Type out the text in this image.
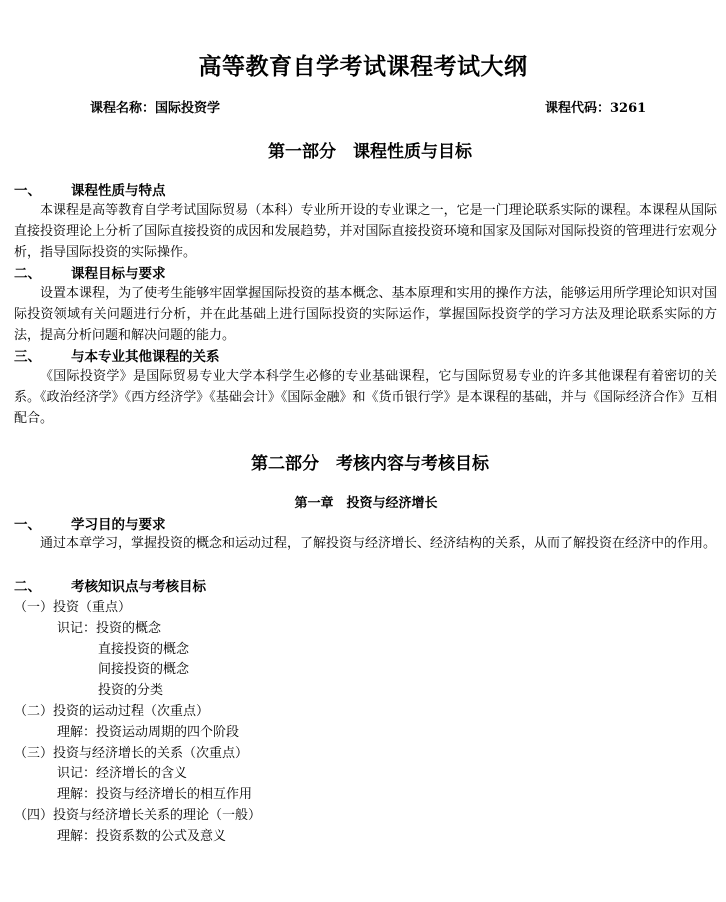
高等教育自学考试课程考试大纲
课程名称：国际投资学	课程代码：3261
第一部分　课程性质与目标
一、 课程性质与特点
本课程是高等教育自学考试国际贸易（本科）专业所开设的专业课之一，它是一门理论联系实际的课程。本课程从国际直接投资理论上分析了国际直接投资的成因和发展趋势，并对国际直接投资环境和国家及国际对国际投资的管理进行宏观分析，指导国际投资的实际操作。
二、 课程目标与要求
设置本课程，为了使考生能够牢固掌握国际投资的基本概念、基本原理和实用的操作方法，能够运用所学理论知识对国际投资领域有关问题进行分析，并在此基础上进行国际投资的实际运作，掌握国际投资学的学习方法及理论联系实际的方法，提高分析问题和解决问题的能力。
三、 与本专业其他课程的关系
《国际投资学》是国际贸易专业大学本科学生必修的专业基础课程，它与国际贸易专业的许多其他课程有着密切的关系。《政治经济学》《西方经济学》《基础会计》《国际金融》和《货币银行学》是本课程的基础，并与《国际经济合作》互相配合。
第二部分　考核内容与考核目标
第一章　投资与经济增长
一、 学习目的与要求
通过本章学习，掌握投资的概念和运动过程，了解投资与经济增长、经济结构的关系，从而了解投资在经济中的作用。
二、 考核知识点与考核目标
（一）投资（重点）
识记：投资的概念
直接投资的概念
间接投资的概念
投资的分类
（二）投资的运动过程（次重点）
理解：投资运动周期的四个阶段
（三）投资与经济增长的关系（次重点）
识记：经济增长的含义
理解：投资与经济增长的相互作用
（四）投资与经济增长关系的理论（一般）
理解：投资系数的公式及意义
